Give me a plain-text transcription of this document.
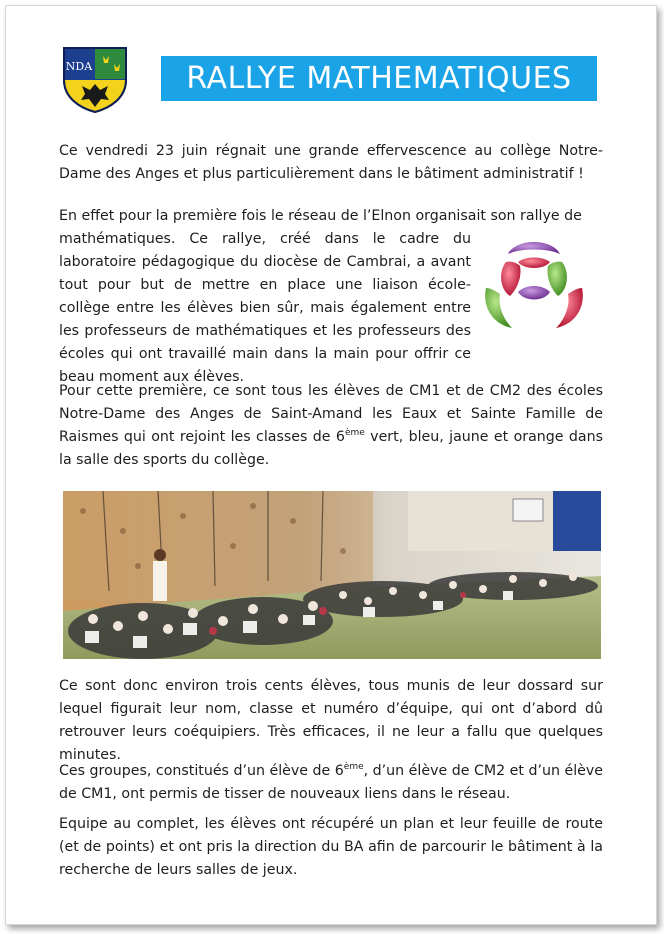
NDA	RALLYE MATHEMATIQUES

Ce vendredi 23 juin régnait une grande effervescence au collège Notre-Dame des Anges et plus particulièrement dans le bâtiment administratif !

En effet pour la première fois le réseau de l’Elnon organisait son rallye de

mathématiques. Ce rallye, créé dans le cadre du laboratoire pédagogique du diocèse de Cambrai, a avant tout pour but de mettre en place une liaison école-collège entre les élèves bien sûr, mais également entre les professeurs de mathématiques et les professeurs des écoles qui ont travaillé main dans la main pour offrir ce beau moment aux élèves.

Pour cette première, ce sont tous les élèves de CM1 et de CM2 des écoles Notre-Dame des Anges de Saint-Amand les Eaux et Sainte Famille de Raismes qui ont rejoint les classes de 6ème vert, bleu, jaune et orange dans la salle des sports du collège.

Ce sont donc environ trois cents élèves, tous munis de leur dossard sur lequel figurait leur nom, classe et numéro d’équipe, qui ont d’abord dû retrouver leurs coéquipiers. Très efficaces, il ne leur a fallu que quelques minutes.

Ces groupes, constitués d’un élève de 6ème, d’un élève de CM2 et d’un élève de CM1, ont permis de tisser de nouveaux liens dans le réseau.

Equipe au complet, les élèves ont récupéré un plan et leur feuille de route (et de points) et ont pris la direction du BA afin de parcourir le bâtiment à la recherche de leurs salles de jeux.
